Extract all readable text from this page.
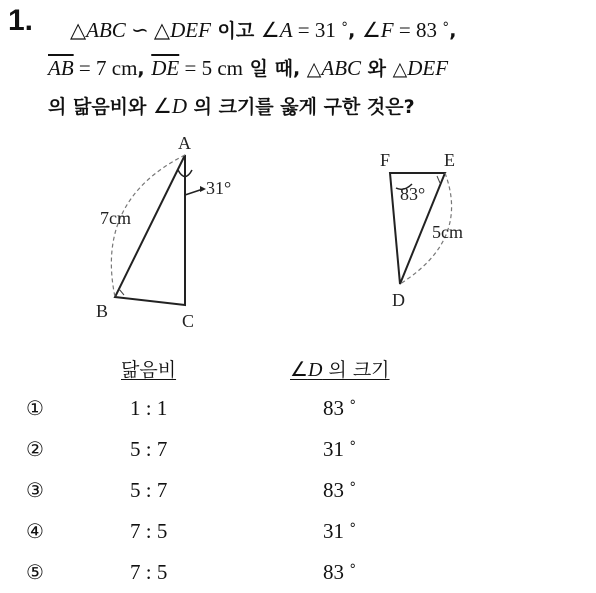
1. △ABC ∽ △DEF 이고 ∠A = 31 ˚, ∠F = 83 ˚,
$\overline{AB} = 7$ cm, $\overline{DE} = 5$ cm 일 때, △ABC 와 △DEF
의 닮음비와 ∠D 의 크기를 옳게 구한 것은?
A
B	C
31°
7cm
F	E
D
83°
5cm
닮음비	∠D 의 크기
①	1 : 1	83 ˚
②	5 : 7	31 ˚
③	5 : 7	83 ˚
④	7 : 5	31 ˚
⑤	7 : 5	83 ˚
